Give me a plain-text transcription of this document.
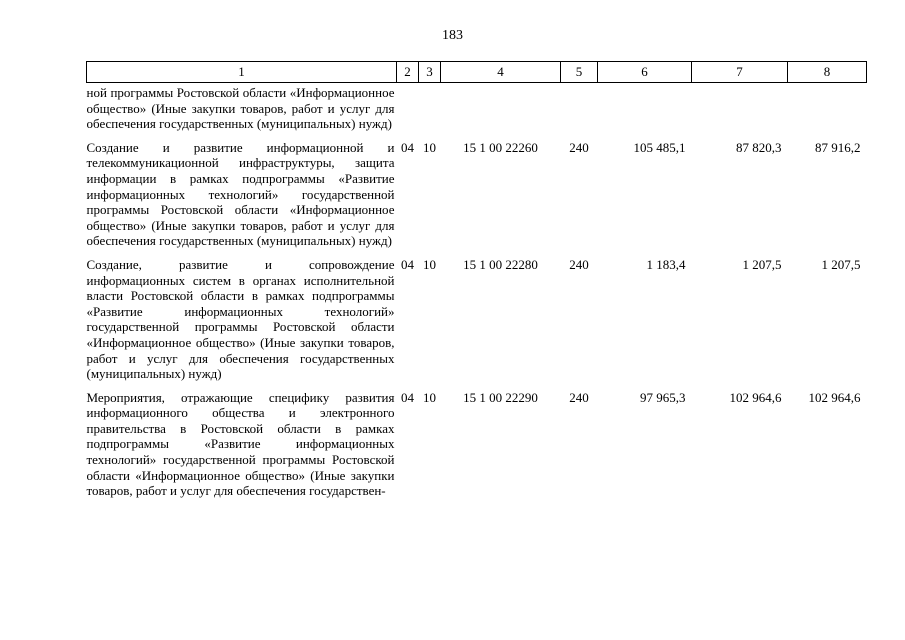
183
1	2	3	4	5	6	7	8
ной программы Ростовской области «Информационное общество» (Иные закупки товаров, работ и услуг для обеспечения государственных (муниципальных) нужд)							
Создание и развитие информационной и телекоммуникационной инфраструктуры, защита информации в рамках подпрограммы «Развитие информационных технологий» государственной программы Ростовской области «Информационное общество» (Иные закупки товаров, работ и услуг для обеспечения государственных (муниципальных) нужд)	04	10	15 1 00 22260	240	105 485,1	87 820,3	87 916,2
Создание, развитие и сопровождение информационных систем в органах исполнительной власти Ростовской области в рамках подпрограммы «Развитие информационных технологий» государственной программы Ростовской области «Информационное общество» (Иные закупки товаров, работ и услуг для обеспечения государственных (муниципальных) нужд)	04	10	15 1 00 22280	240	1 183,4	1 207,5	1 207,5
Мероприятия, отражающие специфику развития информационного общества и электронного правительства в Ростовской области в рамках подпрограммы «Развитие информационных технологий» государственной программы Ростовской области «Информационное общество» (Иные закупки товаров, работ и услуг для обеспечения государствен-	04	10	15 1 00 22290	240	97 965,3	102 964,6	102 964,6
